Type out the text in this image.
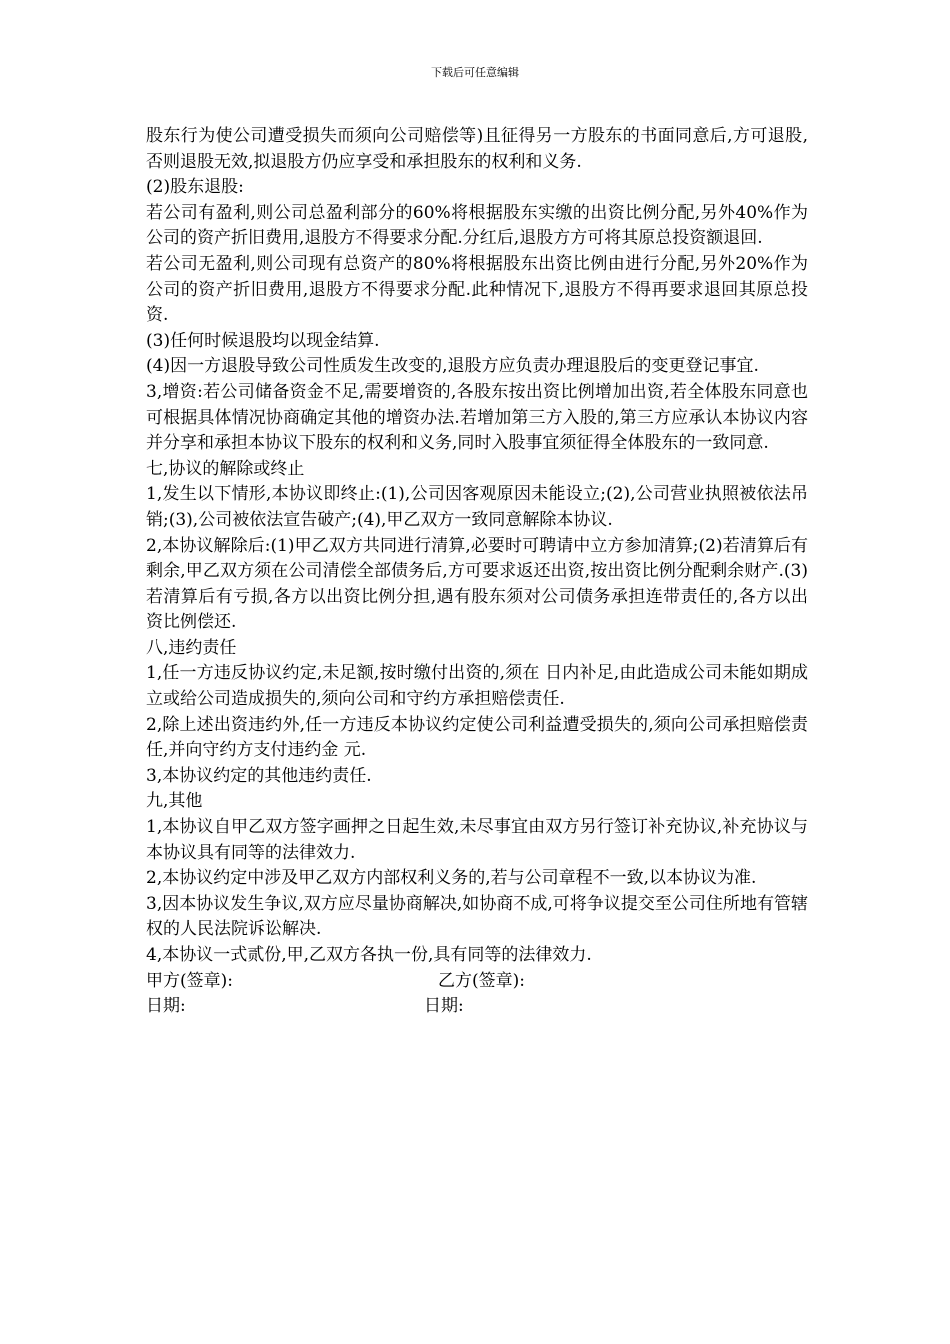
下载后可任意编辑

股东行为使公司遭受损失而须向公司赔偿等)且征得另一方股东的书面同意后,方可退股,否则退股无效,拟退股方仍应享受和承担股东的权利和义务.

(2)股东退股:

若公司有盈利,则公司总盈利部分的60%将根据股东实缴的出资比例分配,另外40%作为公司的资产折旧费用,退股方不得要求分配.分红后,退股方方可将其原总投资额退回.

若公司无盈利,则公司现有总资产的80%将根据股东出资比例由进行分配,另外20%作为公司的资产折旧费用,退股方不得要求分配.此种情况下,退股方不得再要求退回其原总投资.

(3)任何时候退股均以现金结算.

(4)因一方退股导致公司性质发生改变的,退股方应负责办理退股后的变更登记事宜.

3,增资:若公司储备资金不足,需要增资的,各股东按出资比例增加出资,若全体股东同意也可根据具体情况协商确定其他的增资办法.若增加第三方入股的,第三方应承认本协议内容并分享和承担本协议下股东的权利和义务,同时入股事宜须征得全体股东的一致同意.

七,协议的解除或终止

1,发生以下情形,本协议即终止:(1),公司因客观原因未能设立;(2),公司营业执照被依法吊销;(3),公司被依法宣告破产;(4),甲乙双方一致同意解除本协议.

2,本协议解除后:(1)甲乙双方共同进行清算,必要时可聘请中立方参加清算;(2)若清算后有剩余,甲乙双方须在公司清偿全部债务后,方可要求返还出资,按出资比例分配剩余财产.(3)若清算后有亏损,各方以出资比例分担,遇有股东须对公司债务承担连带责任的,各方以出资比例偿还.

八,违约责任

1,任一方违反协议约定,未足额,按时缴付出资的,须在 日内补足,由此造成公司未能如期成立或给公司造成损失的,须向公司和守约方承担赔偿责任.

2,除上述出资违约外,任一方违反本协议约定使公司利益遭受损失的,须向公司承担赔偿责任,并向守约方支付违约金 元.

3,本协议约定的其他违约责任.

九,其他

1,本协议自甲乙双方签字画押之日起生效,未尽事宜由双方另行签订补充协议,补充协议与本协议具有同等的法律效力.

2,本协议约定中涉及甲乙双方内部权利义务的,若与公司章程不一致,以本协议为准.

3,因本协议发生争议,双方应尽量协商解决,如协商不成,可将争议提交至公司住所地有管辖权的人民法院诉讼解决.

4,本协议一式贰份,甲,乙双方各执一份,具有同等的法律效力.

甲方(签章):	乙方(签章):
日期:	日期:
